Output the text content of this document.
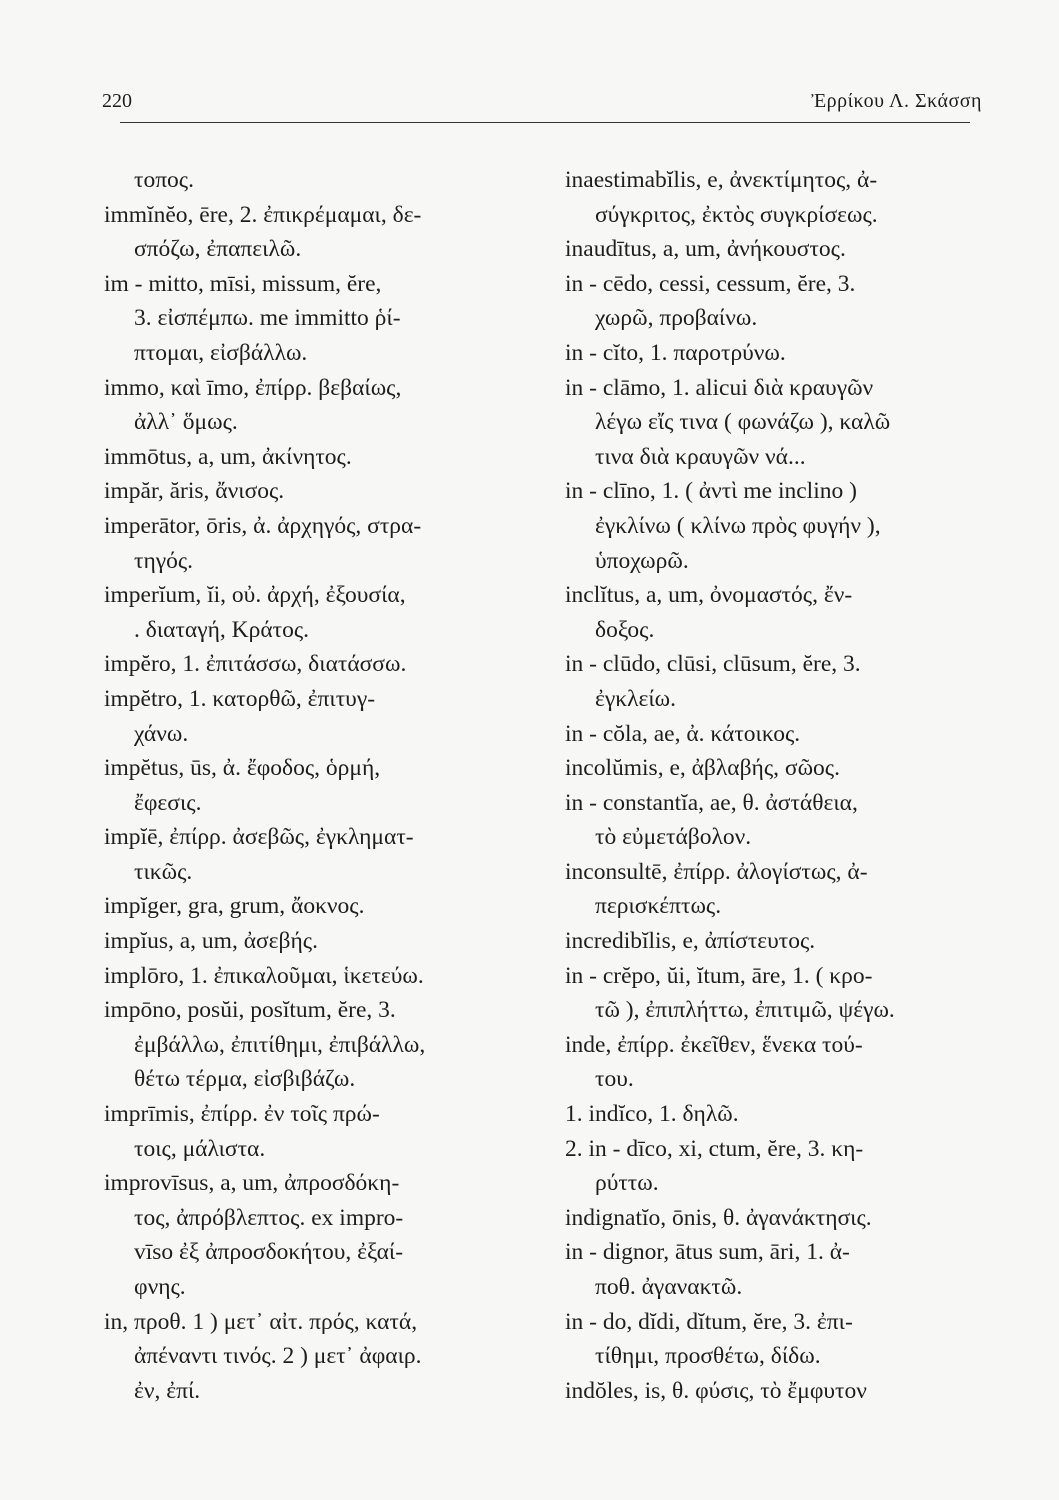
220	Ἐρρίκου Λ. Σκάσση
τοπος.
immĭnĕo, ēre, 2. ἐπικρέμαμαι, δε-
σπόζω, ἐπαπειλῶ.
im - mitto, mīsi, missum, ĕre,
3. εἰσπέμπω. me immitto ῥί-
πτομαι, εἰσβάλλω.
immo, καὶ īmo, ἐπίρρ. βεβαίως,
ἀλλ᾽ ὅμως.
immōtus, a, um, ἀκίνητος.
impăr, ăris, ἄνισος.
imperātor, ōris, ἀ. ἀρχηγός, στρα-
τηγός.
imperĭum, ĭi, οὐ. ἀρχή, ἐξουσία,
. διαταγή, Κράτος.
impĕro, 1. ἐπιτάσσω, διατάσσω.
impĕtro, 1. κατορθῶ, ἐπιτυγ-
χάνω.
impĕtus, ūs, ἀ. ἔφοδος, ὁρμή,
ἔφεσις.
impĭē, ἐπίρρ. ἀσεβῶς, ἐγκληματ-
τικῶς.
impĭger, gra, grum, ἄοκνος.
impĭus, a, um, ἀσεβής.
implōro, 1. ἐπικαλοῦμαι, ἱκετεύω.
impōno, posŭi, posĭtum, ĕre, 3.
ἐμβάλλω, ἐπιτίθημι, ἐπιβάλλω,
θέτω τέρμα, εἰσβιβάζω.
imprīmis, ἐπίρρ. ἐν τοῖς πρώ-
τοις, μάλιστα.
improvīsus, a, um, ἀπροσδόκη-
τος, ἀπρόβλεπτος. ex impro-
vīso ἐξ ἀπροσδοκήτου, ἐξαί-
φνης.
in, προθ. 1 ) μετ᾽ αἰτ. πρός, κατά,
ἀπέναντι τινός. 2 ) μετ᾽ ἀφαιρ.
ἐν, ἐπί.
inaestimabĭlis, e, ἀνεκτίμητος, ἀ-
σύγκριτος, ἐκτὸς συγκρίσεως.
inaudītus, a, um, ἀνήκουστος.
in - cēdo, cessi, cessum, ĕre, 3.
χωρῶ, προβαίνω.
in - cĭto, 1. παροτρύνω.
in - clāmo, 1. alicui διὰ κραυγῶν
λέγω εἴς τινα ( φωνάζω ), καλῶ
τινα διὰ κραυγῶν νά...
in - clīno, 1. ( ἀντὶ me inclino )
ἐγκλίνω ( κλίνω πρὸς φυγήν ),
ὑποχωρῶ.
inclĭtus, a, um, ὀνομαστός, ἔν-
δοξος.
in - clūdo, clūsi, clūsum, ĕre, 3.
ἐγκλείω.
in - cŏla, ae, ἀ. κάτοικος.
incolŭmis, e, ἀβλαβής, σῶος.
in - constantĭa, ae, θ. ἀστάθεια,
τὸ εὐμετάβολον.
inconsultē, ἐπίρρ. ἀλογίστως, ἀ-
περισκέπτως.
incredibĭlis, e, ἀπίστευτος.
in - crĕpo, ŭi, ĭtum, āre, 1. ( κρο-
τῶ ), ἐπιπλήττω, ἐπιτιμῶ, ψέγω.
inde, ἐπίρρ. ἐκεῖθεν, ἕνεκα τού-
του.
1. indĭco, 1. δηλῶ.
2. in - dīco, xi, ctum, ĕre, 3. κη-
ρύττω.
indignatĭo, ōnis, θ. ἀγανάκτησις.
in - dignor, ātus sum, āri, 1. ἀ-
ποθ. ἀγανακτῶ.
in - do, dĭdi, dĭtum, ĕre, 3. ἐπι-
τίθημι, προσθέτω, δίδω.
indŏles, is, θ. φύσις, τὸ ἔμφυτον
